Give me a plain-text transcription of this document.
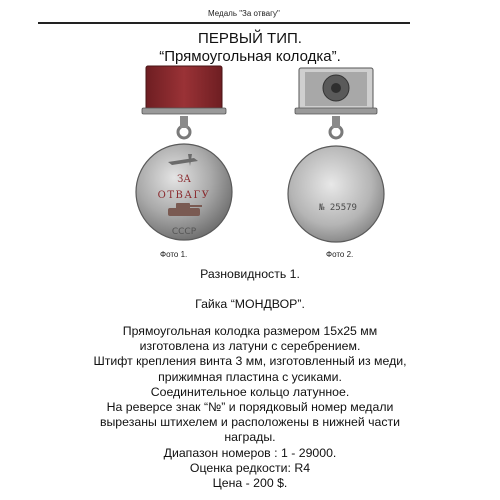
Медаль "За отвагу"
ПЕРВЫЙ ТИП.
“Прямоугольная колодка”.
ЗА
ОТВАГУ
CCCP
№ 25579
Фото 1.	Фото 2.
Разновидность 1.
Гайка “МОНДВОР”.
Прямоугольная колодка размером 15х25 мм
изготовлена из латуни с серебрением.
Штифт крепления винта 3 мм, изготовленный из меди,
прижимная пластина с усиками.
Соединительное кольцо латунное.
На реверсе знак “№” и порядковый номер медали
вырезаны штихелем и расположены в нижней части
награды.
Диапазон номеров : 1 - 29000.
Оценка редкости: R4
Цена - 200 $.
